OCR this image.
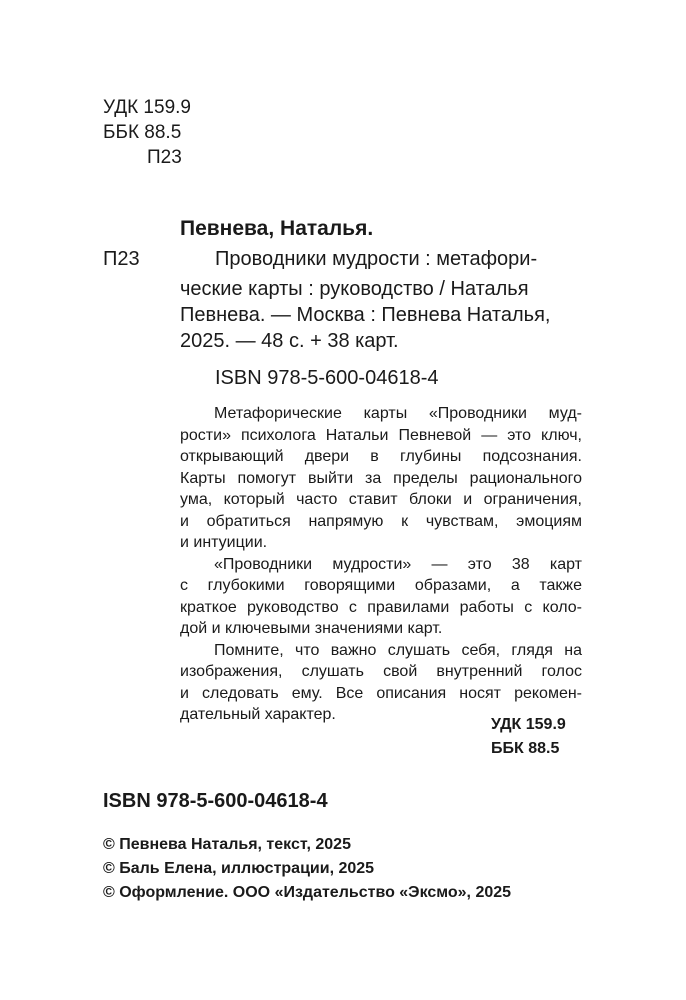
УДК 159.9
ББК 88.5
П23
Певнева, Наталья.
П23	Проводники мудрости : метафори-
ческие карты : руководство / Наталья
Певнева. — Москва : Певнева Наталья,
2025. — 48 с. + 38 карт.
ISBN 978-5-600-04618-4

Метафорические карты «Проводники муд-
рости» психолога Натальи Певневой — это ключ,
открывающий двери в глубины подсознания.
Карты помогут выйти за пределы рационального
ума, который часто ставит блоки и ограничения,
и обратиться напрямую к чувствам, эмоциям
и интуиции.

«Проводники мудрости» — это 38 карт
с глубокими говорящими образами, а также
краткое руководство с правилами работы с коло-
дой и ключевыми значениями карт.

Помните, что важно слушать себя, глядя на
изображения, слушать свой внутренний голос
и следовать ему. Все описания носят рекомен-
дательный характер.

УДК 159.9
ББК 88.5
ISBN 978-5-600-04618-4
© Певнева Наталья, текст, 2025
© Баль Елена, иллюстрации, 2025
© Оформление. ООО «Издательство «Эксмо», 2025
